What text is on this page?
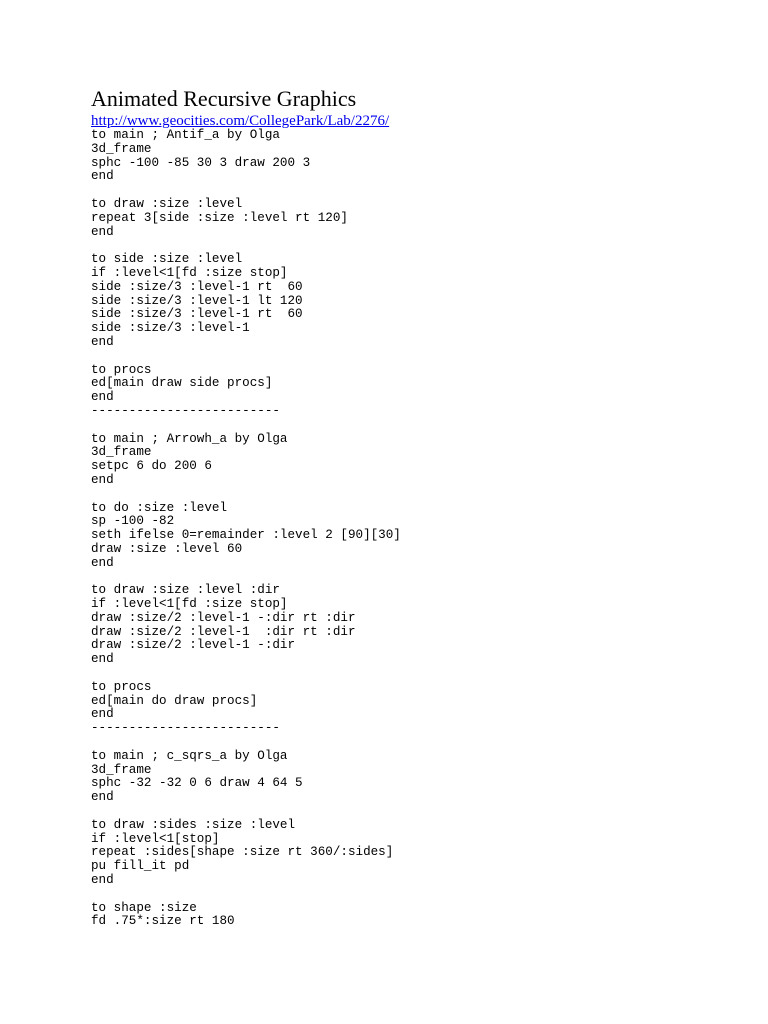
Animated Recursive Graphics
http://www.geocities.com/CollegePark/Lab/2276/
to main ; Antif_a by Olga
3d_frame
sphc -100 -85 30 3 draw 200 3
end
to draw :size :level
repeat 3[side :size :level rt 120]
end
to side :size :level
if :level<1[fd :size stop]
side :size/3 :level-1 rt  60
side :size/3 :level-1 lt 120
side :size/3 :level-1 rt  60
side :size/3 :level-1
end
to procs
ed[main draw side procs]
end
-------------------------
to main ; Arrowh_a by Olga
3d_frame
setpc 6 do 200 6
end
to do :size :level
sp -100 -82
seth ifelse 0=remainder :level 2 [90][30]
draw :size :level 60
end
to draw :size :level :dir
if :level<1[fd :size stop]
draw :size/2 :level-1 -:dir rt :dir
draw :size/2 :level-1  :dir rt :dir
draw :size/2 :level-1 -:dir
end
to procs
ed[main do draw procs]
end
-------------------------
to main ; c_sqrs_a by Olga
3d_frame
sphc -32 -32 0 6 draw 4 64 5
end
to draw :sides :size :level
if :level<1[stop]
repeat :sides[shape :size rt 360/:sides]
pu fill_it pd
end
to shape :size
fd .75*:size rt 180
